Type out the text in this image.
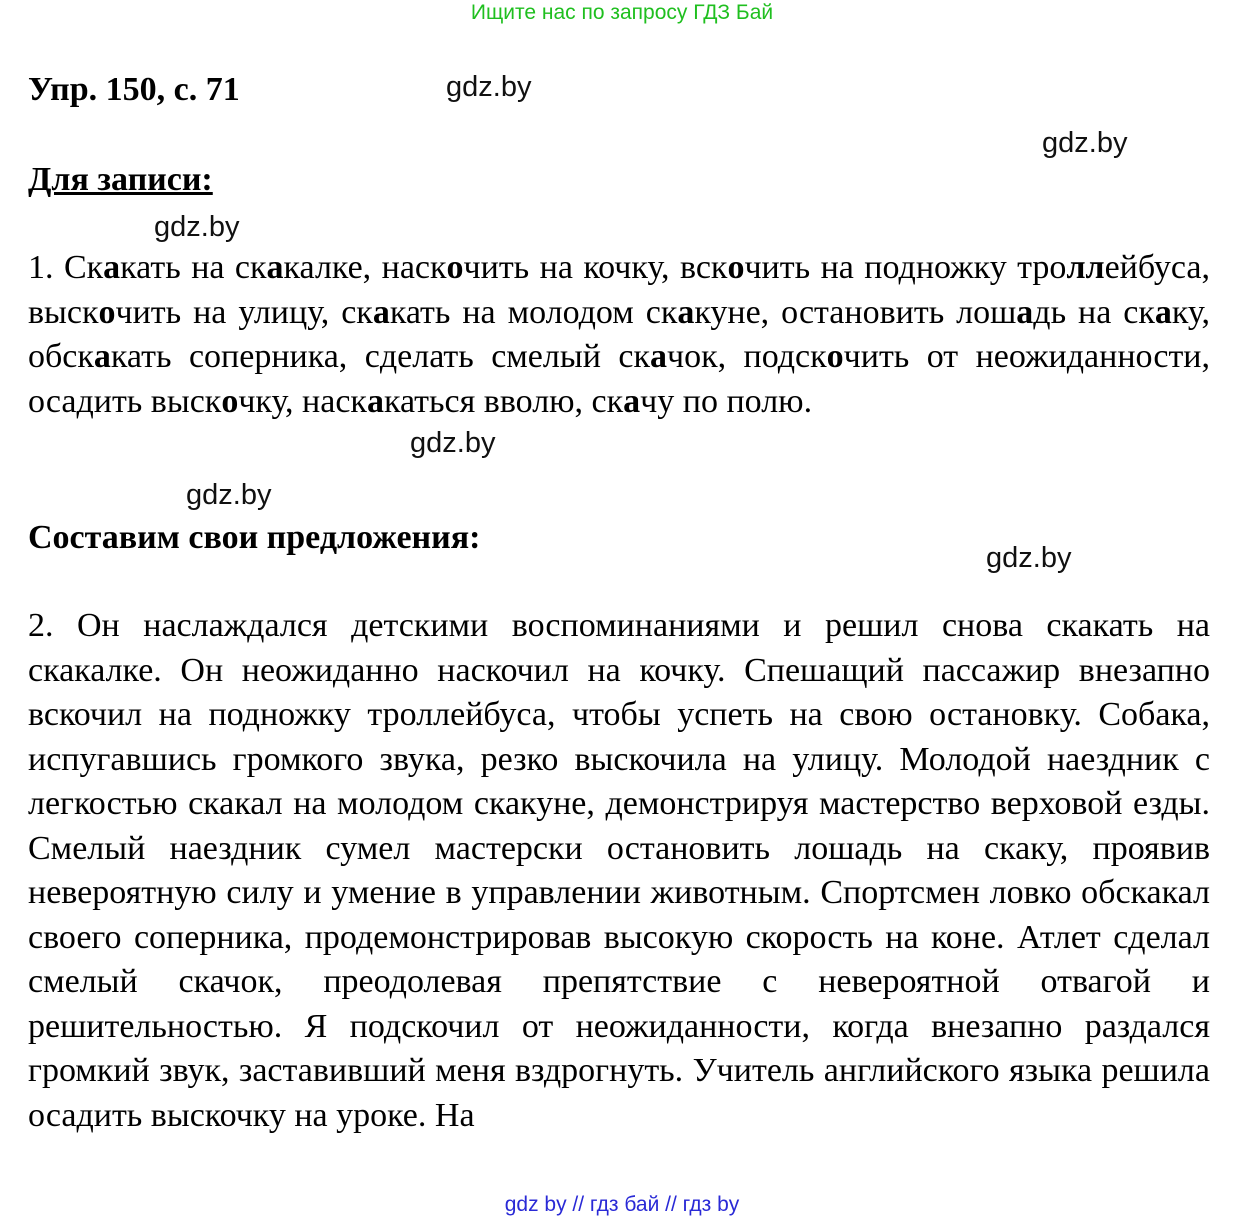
Ищите нас по запросу ГДЗ Бай
Упр. 150, с. 71	gdz.by
gdz.by
Для записи:
gdz.by
1. Скакать на скакалке, наскочить на кочку, вскочить на подножку троллейбуса, выскочить на улицу, скакать на молодом скакуне, остановить лошадь на скаку, обскакать соперника, сделать смелый скачок, подскочить от неожиданности, осадить выскочку, наскакаться вволю, скачу по полю.
gdz.by
gdz.by
Составим свои предложения:
gdz.by
2. Он наслаждался детскими воспоминаниями и решил снова скакать на скакалке. Он неожиданно наскочил на кочку. Спешащий пассажир внезапно вскочил на подножку троллейбуса, чтобы успеть на свою остановку. Собака, испугавшись громкого звука, резко выскочила на улицу. Молодой наездник с легкостью скакал на молодом скакуне, демонстрируя мастерство верховой езды. Смелый наездник сумел мастерски остановить лошадь на скаку, проявив невероятную силу и умение в управлении животным. Спортсмен ловко обскакал своего соперника, продемонстрировав высокую скорость на коне. Атлет сделал смелый скачок, преодолевая препятствие с невероятной отвагой и решительностью. Я подскочил от неожиданности, когда внезапно раздался громкий звук, заставивший меня вздрогнуть. Учитель английского языка решила осадить выскочку на уроке. На
gdz by // гдз бай // гдз by
